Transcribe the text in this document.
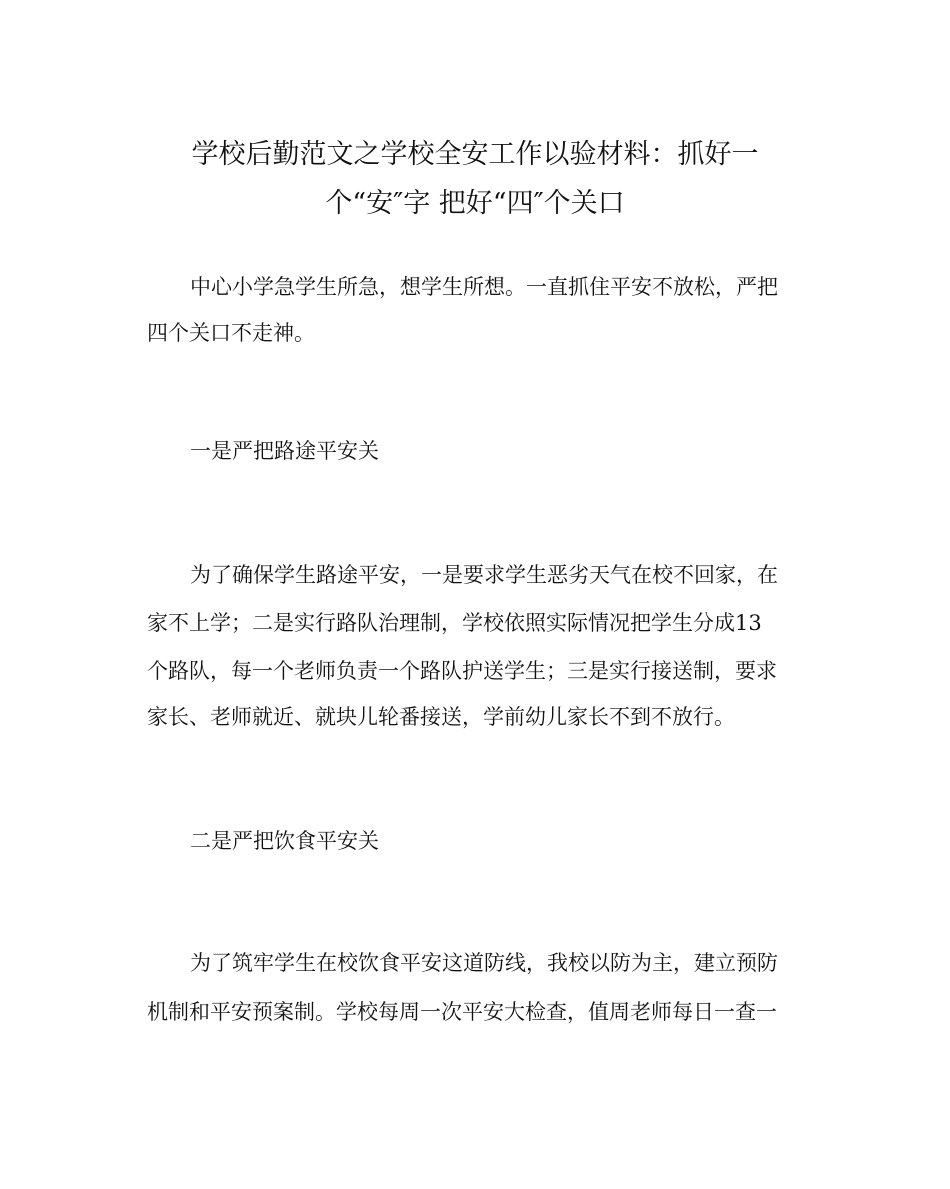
学校后勤范文之学校全安工作以验材料：抓好一
个“安″字 把好“四″个关口

中心小学急学生所急，想学生所想。一直抓住平安不放松，严把

四个关口不走神。

一是严把路途平安关

为了确保学生路途平安，一是要求学生恶劣天气在校不回家，在

家不上学；二是实行路队治理制，学校依照实际情况把学生分成13

个路队，每一个老师负责一个路队护送学生；三是实行接送制，要求

家长、老师就近、就块儿轮番接送，学前幼儿家长不到不放行。

二是严把饮食平安关

为了筑牢学生在校饮食平安这道防线，我校以防为主，建立预防

机制和平安预案制。学校每周一次平安大检查，值周老师每日一查一
